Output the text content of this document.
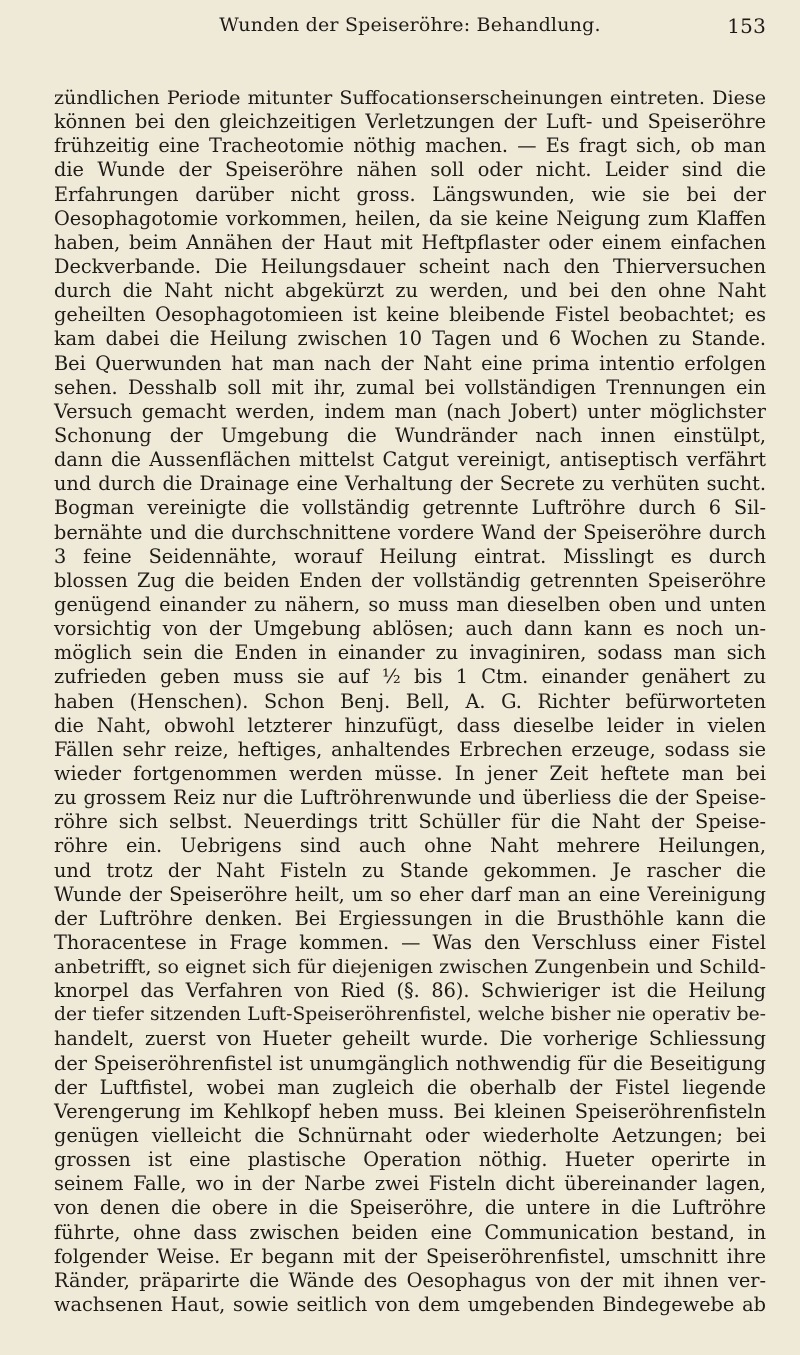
Wunden der Speiseröhre: Behandlung.	153
zündlichen Periode mitunter Suffocationserscheinungen eintreten. Diese
können bei den gleichzeitigen Verletzungen der Luft- und Speiseröhre
frühzeitig eine Tracheotomie nöthig machen. — Es fragt sich, ob man
die Wunde der Speiseröhre nähen soll oder nicht. Leider sind die
Erfahrungen darüber nicht gross. Längswunden, wie sie bei der
Oesophagotomie vorkommen, heilen, da sie keine Neigung zum Klaffen
haben, beim Annähen der Haut mit Heftpflaster oder einem einfachen
Deckverbande. Die Heilungsdauer scheint nach den Thierversuchen
durch die Naht nicht abgekürzt zu werden, und bei den ohne Naht
geheilten Oesophagotomieen ist keine bleibende Fistel beobachtet; es
kam dabei die Heilung zwischen 10 Tagen und 6 Wochen zu Stande.
Bei Querwunden hat man nach der Naht eine prima intentio erfolgen
sehen. Desshalb soll mit ihr, zumal bei vollständigen Trennungen ein
Versuch gemacht werden, indem man (nach Jobert) unter möglichster
Schonung der Umgebung die Wundränder nach innen einstülpt,
dann die Aussenflächen mittelst Catgut vereinigt, antiseptisch verfährt
und durch die Drainage eine Verhaltung der Secrete zu verhüten sucht.
Bogman vereinigte die vollständig getrennte Luftröhre durch 6 Sil-
bernähte und die durchschnittene vordere Wand der Speiseröhre durch
3 feine Seidennähte, worauf Heilung eintrat. Misslingt es durch
blossen Zug die beiden Enden der vollständig getrennten Speiseröhre
genügend einander zu nähern, so muss man dieselben oben und unten
vorsichtig von der Umgebung ablösen; auch dann kann es noch un-
möglich sein die Enden in einander zu invaginiren, sodass man sich
zufrieden geben muss sie auf ½ bis 1 Ctm. einander genähert zu
haben (Henschen). Schon Benj. Bell, A. G. Richter befürworteten
die Naht, obwohl letzterer hinzufügt, dass dieselbe leider in vielen
Fällen sehr reize, heftiges, anhaltendes Erbrechen erzeuge, sodass sie
wieder fortgenommen werden müsse. In jener Zeit heftete man bei
zu grossem Reiz nur die Luftröhrenwunde und überliess die der Speise-
röhre sich selbst. Neuerdings tritt Schüller für die Naht der Speise-
röhre ein. Uebrigens sind auch ohne Naht mehrere Heilungen,
und trotz der Naht Fisteln zu Stande gekommen. Je rascher die
Wunde der Speiseröhre heilt, um so eher darf man an eine Vereinigung
der Luftröhre denken. Bei Ergiessungen in die Brusthöhle kann die
Thoracentese in Frage kommen. — Was den Verschluss einer Fistel
anbetrifft, so eignet sich für diejenigen zwischen Zungenbein und Schild-
knorpel das Verfahren von Ried (§. 86). Schwieriger ist die Heilung
der tiefer sitzenden Luft-Speiseröhrenfistel, welche bisher nie operativ be-
handelt, zuerst von Hueter geheilt wurde. Die vorherige Schliessung
der Speiseröhrenfistel ist unumgänglich nothwendig für die Beseitigung
der Luftfistel, wobei man zugleich die oberhalb der Fistel liegende
Verengerung im Kehlkopf heben muss. Bei kleinen Speiseröhrenfisteln
genügen vielleicht die Schnürnaht oder wiederholte Aetzungen; bei
grossen ist eine plastische Operation nöthig. Hueter operirte in
seinem Falle, wo in der Narbe zwei Fisteln dicht übereinander lagen,
von denen die obere in die Speiseröhre, die untere in die Luftröhre
führte, ohne dass zwischen beiden eine Communication bestand, in
folgender Weise. Er begann mit der Speiseröhrenfistel, umschnitt ihre
Ränder, präparirte die Wände des Oesophagus von der mit ihnen ver-
wachsenen Haut, sowie seitlich von dem umgebenden Bindegewebe ab
